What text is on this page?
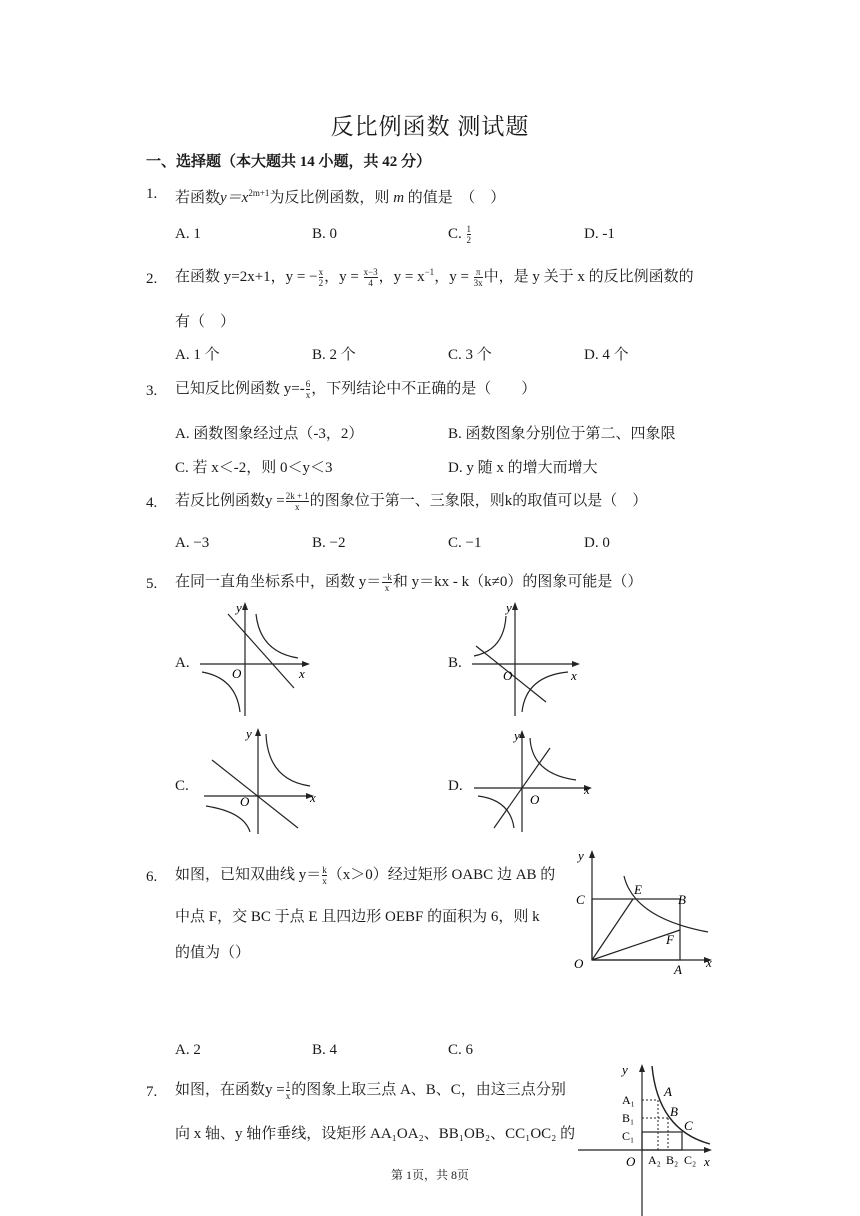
反比例函数 测试题
一、选择题（本大题共 14 小题，共 42 分）
1. 若函数$y=x^{2m+1}$为反比例函数，则 m 的值是　（　）
A. 1	B. 0	C. $\frac{1}{2}$	D. -1
2. 在函数 y=2x+1，y = − $\frac{x}{2}$ ，$y = \frac{x-3}{4}$ ，$y = x^{-1}$，$y = \frac{\pi}{3x}$ 中，是 y 关于 x 的反比例函数的
有（　）
A. 1 个	B. 2 个	C. 3 个	D. 4 个
3. 已知反比例函数 $y=- \frac{6}{x}$ ，下列结论中不正确的是（　　）
A. 函数图象经过点（-3，2）	B. 函数图象分别位于第二、四象限
C. 若 x＜-2，则 0＜y＜3	D. y 随 x 的增大而增大
4. 若反比例函数$y = \frac{2k + 1}{x}$ 的图象位于第一、三象限，则k的取值可以是（　）
A. −3	B. −2	C. −1	D. 0
5. 在同一直角坐标系中，函数 $y= \frac{-k}{x}$ 和 y＝kx - k（k≠0）的图象可能是（）
A.
y
x
O
B.
y
x
O
C.
y
x
O
D.
y
x
O
6. 如图，已知双曲线 $y= \frac{k}{x} (x>0)$经过矩形 OABC 边 AB 的
中点 F，交 BC 于点 E 且四边形 OEBF 的面积为 6，则 k
的值为（）
y
x
C
E
B
F
O	A
A. 2	B. 4	C. 6
7. 如图，在函数$y = \frac{1}{x}$ 的图象上取三点 A、B、C，由这三点分别
向 x 轴、y 轴作垂线，设矩形 AA₁OA₂、BB₁OB₂、CC₁OC₂ 的
y
x
O
A
B
C
A₁
B₁
C₁
A₂ B₂ C₂
第 1页，共 8页
